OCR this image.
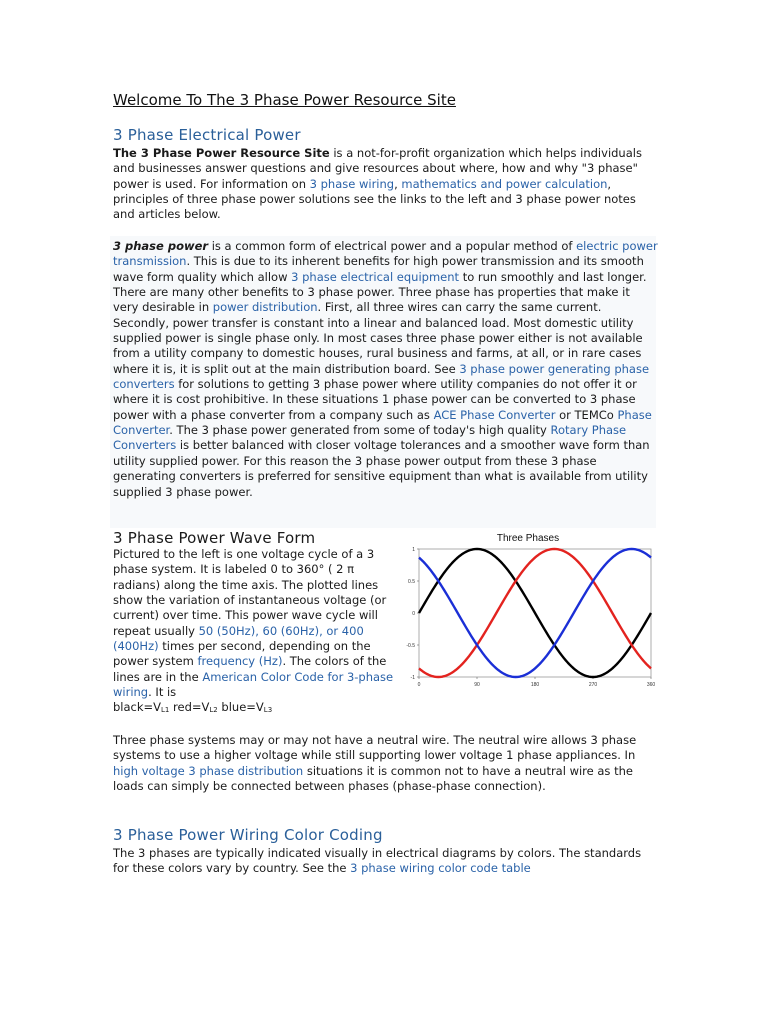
Welcome To The 3 Phase Power Resource Site
3 Phase Electrical Power

The 3 Phase Power Resource Site is a not-for-profit organization which helps individuals and businesses answer questions and give resources about where, how and why "3 phase" power is used. For information on 3 phase wiring, mathematics and power calculation, principles of three phase power solutions see the links to the left and 3 phase power notes and articles below.

3 phase power is a common form of electrical power and a popular method of electric power transmission. This is due to its inherent benefits for high power transmission and its smooth wave form quality which allow 3 phase electrical equipment to run smoothly and last longer. There are many other benefits to 3 phase power. Three phase has properties that make it very desirable in power distribution. First, all three wires can carry the same current. Secondly, power transfer is constant into a linear and balanced load. Most domestic utility supplied power is single phase only. In most cases three phase power either is not available from a utility company to domestic houses, rural business and farms, at all, or in rare cases where it is, it is split out at the main distribution board. See 3 phase power generating phase converters for solutions to getting 3 phase power where utility companies do not offer it or where it is cost prohibitive. In these situations 1 phase power can be converted to 3 phase power with a phase converter from a company such as ACE Phase Converter or TEMCo Phase Converter. The 3 phase power generated from some of today's high quality Rotary Phase Converters is better balanced with closer voltage tolerances and a smoother wave form than utility supplied power. For this reason the 3 phase power output from these 3 phase generating converters is preferred for sensitive equipment than what is available from utility supplied 3 phase power.

3 Phase Power Wave Form

Pictured to the left is one voltage cycle of a 3 phase system. It is labeled 0 to 360° ( 2 π radians) along the time axis. The plotted lines show the variation of instantaneous voltage (or current) over time. This power wave cycle will repeat usually 50 (50Hz), 60 (60Hz), or 400 (400Hz) times per second, depending on the power system frequency (Hz). The colors of the lines are in the American Color Code for 3-phase wiring. It is
$black=V_{L1}$ $red=V_{L2}$ $blue=V_{L3}$

Three Phases
0	90	180	270	360
1
0.5
0
-0.5
-1

Three phase systems may or may not have a neutral wire. The neutral wire allows 3 phase systems to use a higher voltage while still supporting lower voltage 1 phase appliances. In high voltage 3 phase distribution situations it is common not to have a neutral wire as the loads can simply be connected between phases (phase-phase connection).

3 Phase Power Wiring Color Coding

The 3 phases are typically indicated visually in electrical diagrams by colors. The standards for these colors vary by country. See the 3 phase wiring color code table
